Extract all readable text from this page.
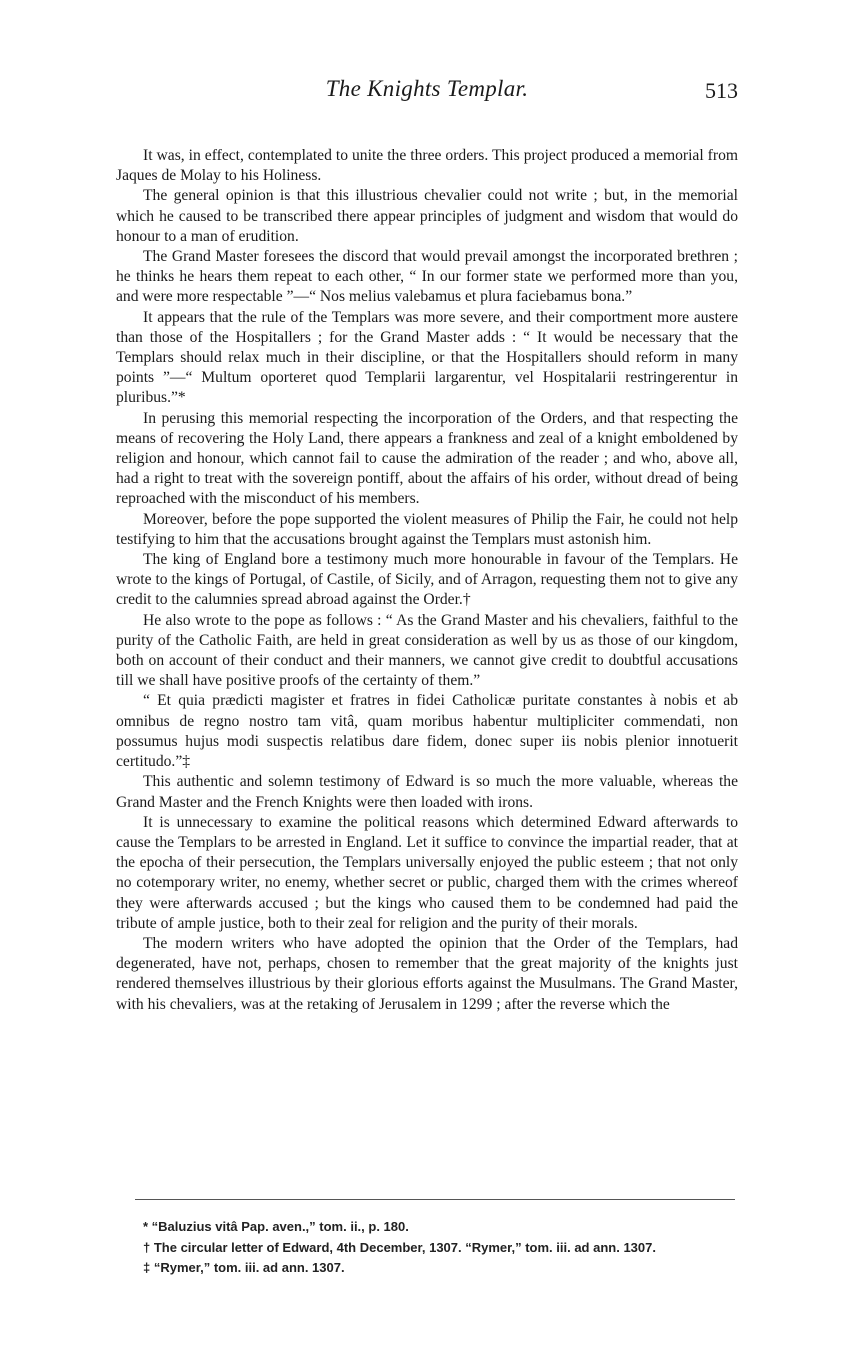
The Knights Templar.	513

It was, in effect, contemplated to unite the three orders. This project produced a memorial from Jaques de Molay to his Holiness.

The general opinion is that this illustrious chevalier could not write ; but, in the memorial which he caused to be transcribed there appear principles of judgment and wisdom that would do honour to a man of erudition.

The Grand Master foresees the discord that would prevail amongst the incorporated brethren ; he thinks he hears them repeat to each other, “ In our former state we performed more than you, and were more respectable ”—“ Nos melius valebamus et plura faciebamus bona.”

It appears that the rule of the Templars was more severe, and their comportment more austere than those of the Hospitallers ; for the Grand Master adds : “ It would be necessary that the Templars should relax much in their discipline, or that the Hospitallers should reform in many points ”—“ Multum oporteret quod Templarii largarentur, vel Hospitalarii restringerentur in pluribus.”*

In perusing this memorial respecting the incorporation of the Orders, and that respecting the means of recovering the Holy Land, there appears a frankness and zeal of a knight emboldened by religion and honour, which cannot fail to cause the admiration of the reader ; and who, above all, had a right to treat with the sovereign pontiff, about the affairs of his order, without dread of being reproached with the misconduct of his members.

Moreover, before the pope supported the violent measures of Philip the Fair, he could not help testifying to him that the accusations brought against the Templars must astonish him.

The king of England bore a testimony much more honourable in favour of the Templars. He wrote to the kings of Portugal, of Castile, of Sicily, and of Arragon, requesting them not to give any credit to the calumnies spread abroad against the Order.†

He also wrote to the pope as follows : “ As the Grand Master and his chevaliers, faithful to the purity of the Catholic Faith, are held in great consideration as well by us as those of our kingdom, both on account of their conduct and their manners, we cannot give credit to doubtful accusations till we shall have positive proofs of the certainty of them.”

“ Et quia prædicti magister et fratres in fidei Catholicæ puritate constantes à nobis et ab omnibus de regno nostro tam vitâ, quam moribus habentur multipliciter commendati, non possumus hujus modi suspectis relatibus dare fidem, donec super iis nobis plenior innotuerit certitudo.”‡

This authentic and solemn testimony of Edward is so much the more valuable, whereas the Grand Master and the French Knights were then loaded with irons.

It is unnecessary to examine the political reasons which determined Edward afterwards to cause the Templars to be arrested in England. Let it suffice to convince the impartial reader, that at the epocha of their persecution, the Templars universally enjoyed the public esteem ; that not only no cotemporary writer, no enemy, whether secret or public, charged them with the crimes whereof they were afterwards accused ; but the kings who caused them to be condemned had paid the tribute of ample justice, both to their zeal for religion and the purity of their morals.

The modern writers who have adopted the opinion that the Order of the Templars, had degenerated, have not, perhaps, chosen to remember that the great majority of the knights just rendered themselves illustrious by their glorious efforts against the Musulmans. The Grand Master, with his chevaliers, was at the retaking of Jerusalem in 1299 ; after the reverse which the

* “Baluzius vitâ Pap. aven.,” tom. ii., p. 180.
† The circular letter of Edward, 4th December, 1307. “Rymer,” tom. iii. ad ann. 1307.
‡ “Rymer,” tom. iii. ad ann. 1307.
